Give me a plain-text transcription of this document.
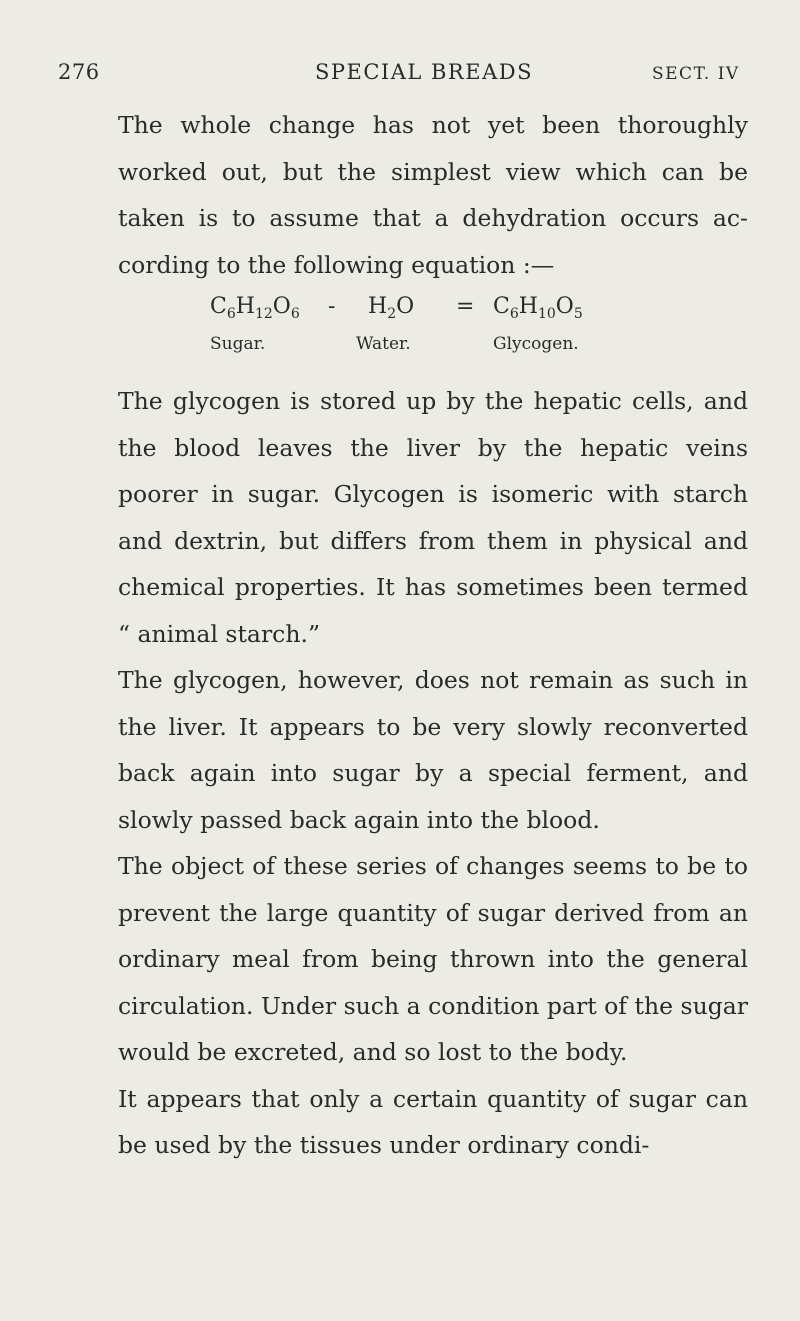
276	SPECIAL BREADS	SECT. IV

The whole change has not yet been thoroughly worked out, but the simplest view which can be taken is to assume that a dehydration occurs according to the following equation :—

$C_6H_{12}O_6 - H_2O = C_6H_{10}O_5$
Sugar.	Water.	Glycogen.

The glycogen is stored up by the hepatic cells, and the blood leaves the liver by the hepatic veins poorer in sugar. Glycogen is isomeric with starch and dextrin, but differs from them in physical and chemical properties. It has sometimes been termed “ animal starch.”

The glycogen, however, does not remain as such in the liver. It appears to be very slowly reconverted back again into sugar by a special ferment, and slowly passed back again into the blood.

The object of these series of changes seems to be to prevent the large quantity of sugar derived from an ordinary meal from being thrown into the general circulation. Under such a condition part of the sugar would be excreted, and so lost to the body.

It appears that only a certain quantity of sugar can be used by the tissues under ordinary condi-
